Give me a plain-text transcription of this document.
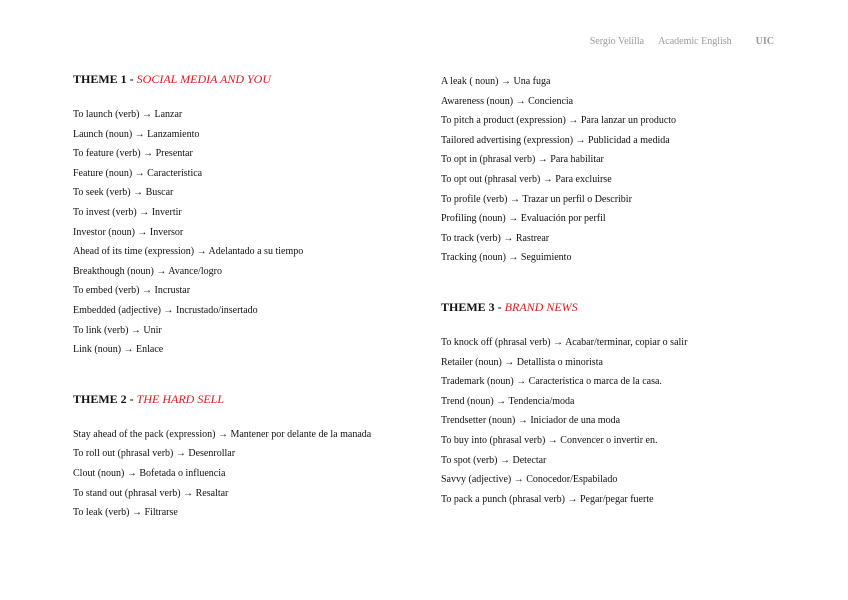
Sergio Velilla Academic English UIC
THEME 1 - SOCIAL MEDIA AND YOU
To launch (verb) → Lanzar
Launch (noun) → Lanzamiento
To feature (verb) → Presentar
Feature (noun) → Característica
To seek (verb) → Buscar
To invest (verb) → Invertir
Investor (noun) → Inversor
Ahead of its time (expression) → Adelantado a su tiempo
Breakthough (noun) → Avance/logro
To embed (verb) → Incrustar
Embedded (adjective) → Incrustado/insertado
To link (verb) → Unir
Link (noun) → Enlace
THEME 2 - THE HARD SELL
Stay ahead of the pack (expression) → Mantener por delante de la manada
To roll out (phrasal verb) → Desenrollar
Clout (noun) → Bofetada o influencia
To stand out (phrasal verb) → Resaltar
To leak (verb) → Filtrarse
A leak ( noun) → Una fuga
Awareness (noun) → Conciencia
To pitch a product (expression) → Para lanzar un producto
Tailored advertising (expression) → Publicidad a medida
To opt in (phrasal verb) → Para habilitar
To opt out (phrasal verb) → Para excluirse
To profile (verb) → Trazar un perfil o Describir
Profiling (noun) → Evaluación por perfil
To track (verb) → Rastrear
Tracking (noun) → Seguimiento
THEME 3 - BRAND NEWS
To knock off (phrasal verb) → Acabar/terminar, copiar o salir
Retailer (noun) → Detallista o minorista
Trademark (noun) → Característica o marca de la casa.
Trend (noun) → Tendencia/moda
Trendsetter (noun) → Iniciador de una moda
To buy into (phrasal verb) → Convencer o invertir en.
To spot (verb) → Detectar
Savvy (adjective) → Conocedor/Espabilado
To pack a punch (phrasal verb) → Pegar/pegar fuerte
